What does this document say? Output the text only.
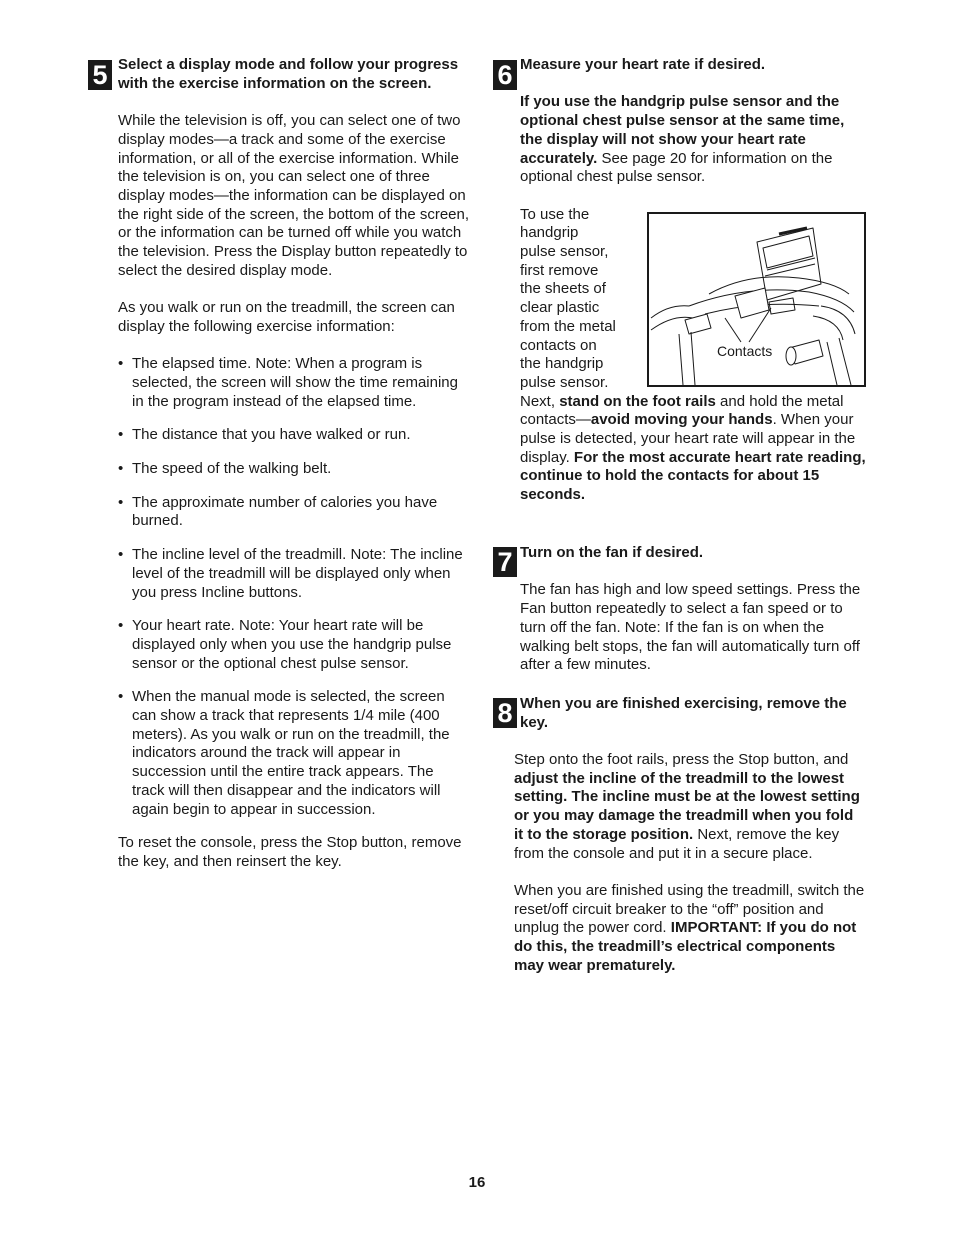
5 Select a display mode and follow your progress with the exercise information on the screen.

While the television is off, you can select one of two display modes—a track and some of the exercise information, or all of the exercise information. While the television is on, you can select one of three display modes—the information can be displayed on the right side of the screen, the bottom of the screen, or the information can be turned off while you watch the television. Press the Display button repeatedly to select the desired display mode.

As you walk or run on the treadmill, the screen can display the following exercise information:

• The elapsed time. Note: When a program is selected, the screen will show the time remaining in the program instead of the elapsed time.
• The distance that you have walked or run.
• The speed of the walking belt.
• The approximate number of calories you have burned.
• The incline level of the treadmill. Note: The incline level of the treadmill will be displayed only when you press Incline buttons.
• Your heart rate. Note: Your heart rate will be displayed only when you use the handgrip pulse sensor or the optional chest pulse sensor.
• When the manual mode is selected, the screen can show a track that represents 1/4 mile (400 meters). As you walk or run on the treadmill, the indicators around the track will appear in succession until the entire track appears. The track will then disappear and the indicators will again begin to appear in succession.

To reset the console, press the Stop button, remove the key, and then reinsert the key.

6 Measure your heart rate if desired.

If you use the handgrip pulse sensor and the optional chest pulse sensor at the same time, the display will not show your heart rate accurately. See page 20 for information on the optional chest pulse sensor.

To use the handgrip pulse sensor, first remove the sheets of clear plastic from the metal contacts on the handgrip pulse sensor.

Next, stand on the foot rails and hold the metal contacts—avoid moving your hands. When your pulse is detected, your heart rate will appear in the display. For the most accurate heart rate reading, continue to hold the contacts for about 15 seconds.

Contacts
7 Turn on the fan if desired.

The fan has high and low speed settings. Press the Fan button repeatedly to select a fan speed or to turn off the fan. Note: If the fan is on when the walking belt stops, the fan will automatically turn off after a few minutes.

8 When you are finished exercising, remove the key.

Step onto the foot rails, press the Stop button, and adjust the incline of the treadmill to the lowest setting. The incline must be at the lowest setting or you may damage the treadmill when you fold it to the storage position. Next, remove the key from the console and put it in a secure place.

When you are finished using the treadmill, switch the reset/off circuit breaker to the “off” position and unplug the power cord. IMPORTANT: If you do not do this, the treadmill’s electrical components may wear prematurely.

16
